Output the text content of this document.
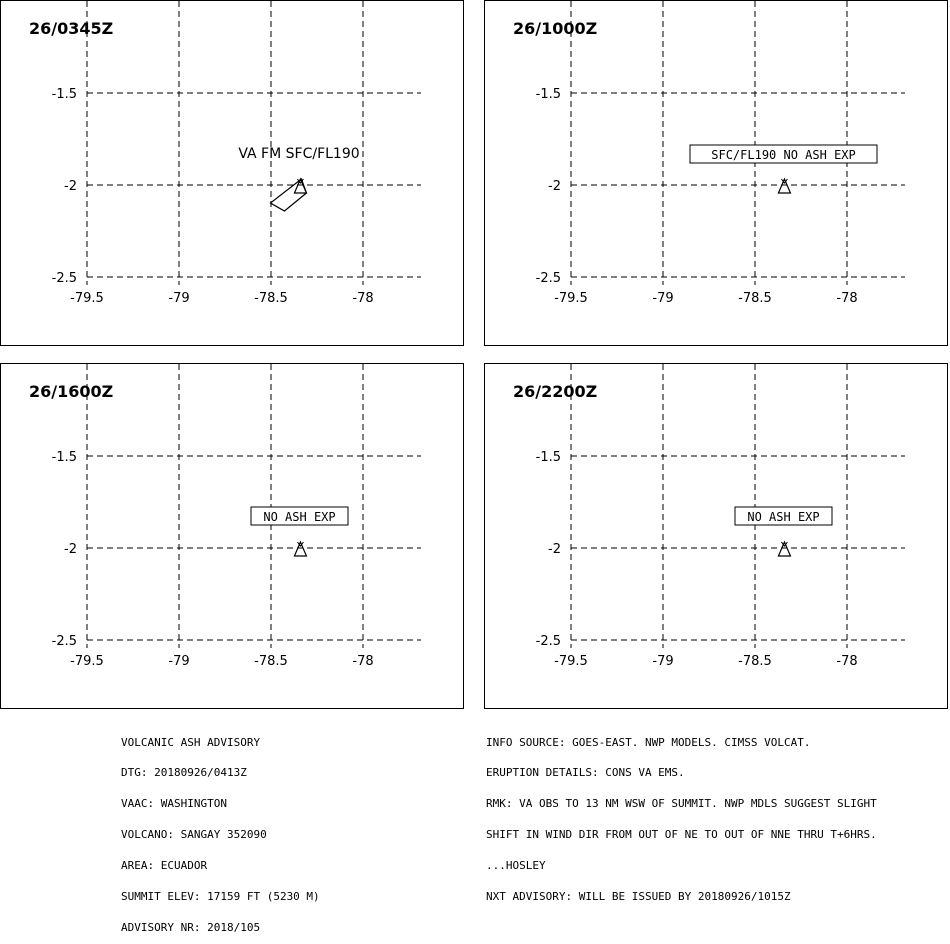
-1.5
-2
-2.5
-79.5	-79	-78.5	-78
VA FM SFC/FL190
26/0345Z
-1.5
-2
-2.5
-79.5	-79	-78.5	-78
SFC/FL190 NO ASH EXP
26/1000Z
-1.5
-2
-2.5
-79.5	-79	-78.5	-78
NO ASH EXP
26/1600Z
-1.5
-2
-2.5
-79.5	-79	-78.5	-78
NO ASH EXP
26/2200Z

VOLCANIC ASH ADVISORY

DTG: 20180926/0413Z

VAAC: WASHINGTON

VOLCANO: SANGAY 352090

AREA: ECUADOR

SUMMIT ELEV: 17159 FT (5230 M)

ADVISORY NR: 2018/105

INFO SOURCE: GOES-EAST. NWP MODELS. CIMSS VOLCAT.

ERUPTION DETAILS: CONS VA EMS.

RMK: VA OBS TO 13 NM WSW OF SUMMIT. NWP MDLS SUGGEST SLIGHT

SHIFT IN WIND DIR FROM OUT OF NE TO OUT OF NNE THRU T+6HRS.

...HOSLEY

NXT ADVISORY: WILL BE ISSUED BY 20180926/1015Z
